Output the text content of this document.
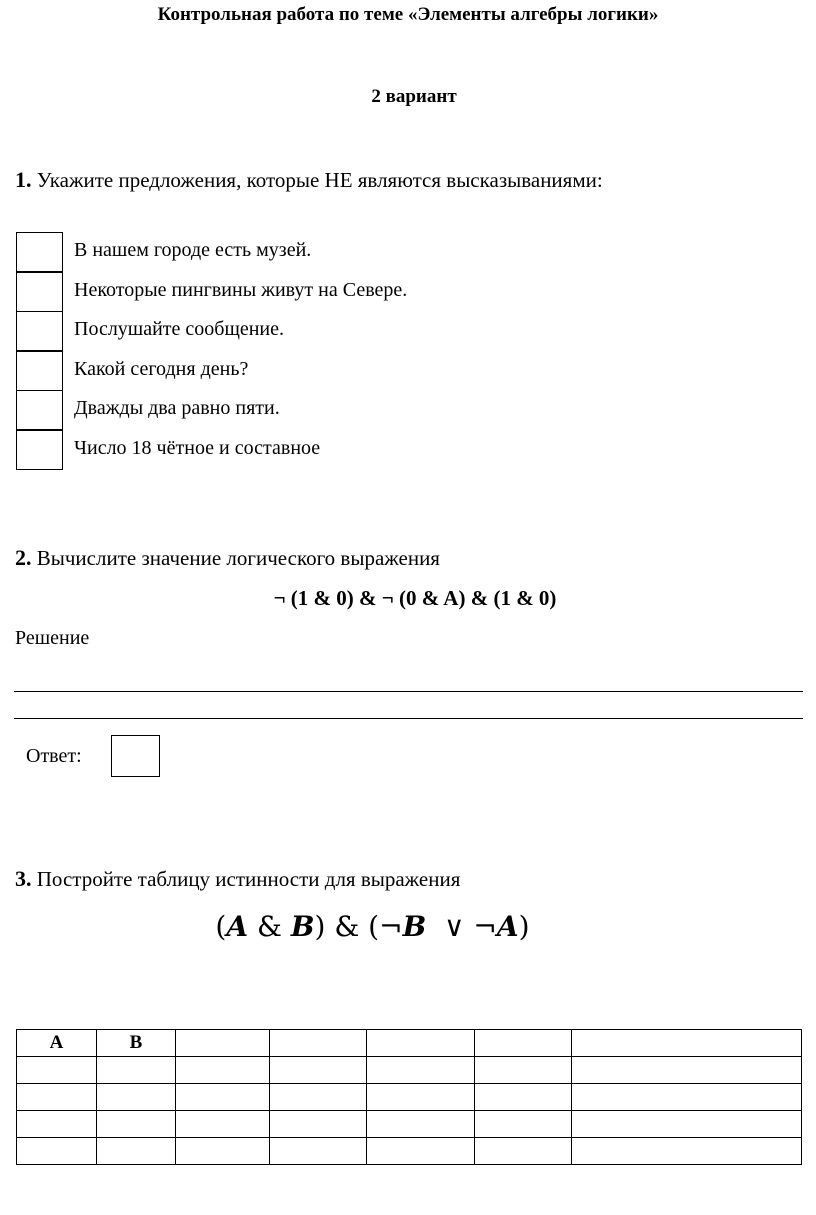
Контрольная работа по теме «Элементы алгебры логики»
2 вариант
1. Укажите предложения, которые НЕ являются высказываниями:
В нашем городе есть музей.
Некоторые пингвины живут на Севере.
Послушайте сообщение.
Какой сегодня день?
Дважды два равно пяти.
Число 18 чётное и составное
2. Вычислите значение логического выражения
¬ (1 & 0) & ¬ (0 & A) & (1 & 0)
Решение
Ответ:
3. Постройте таблицу истинности для выражения
(A & B) & (¬B  ∨ ¬A)
A	B					
